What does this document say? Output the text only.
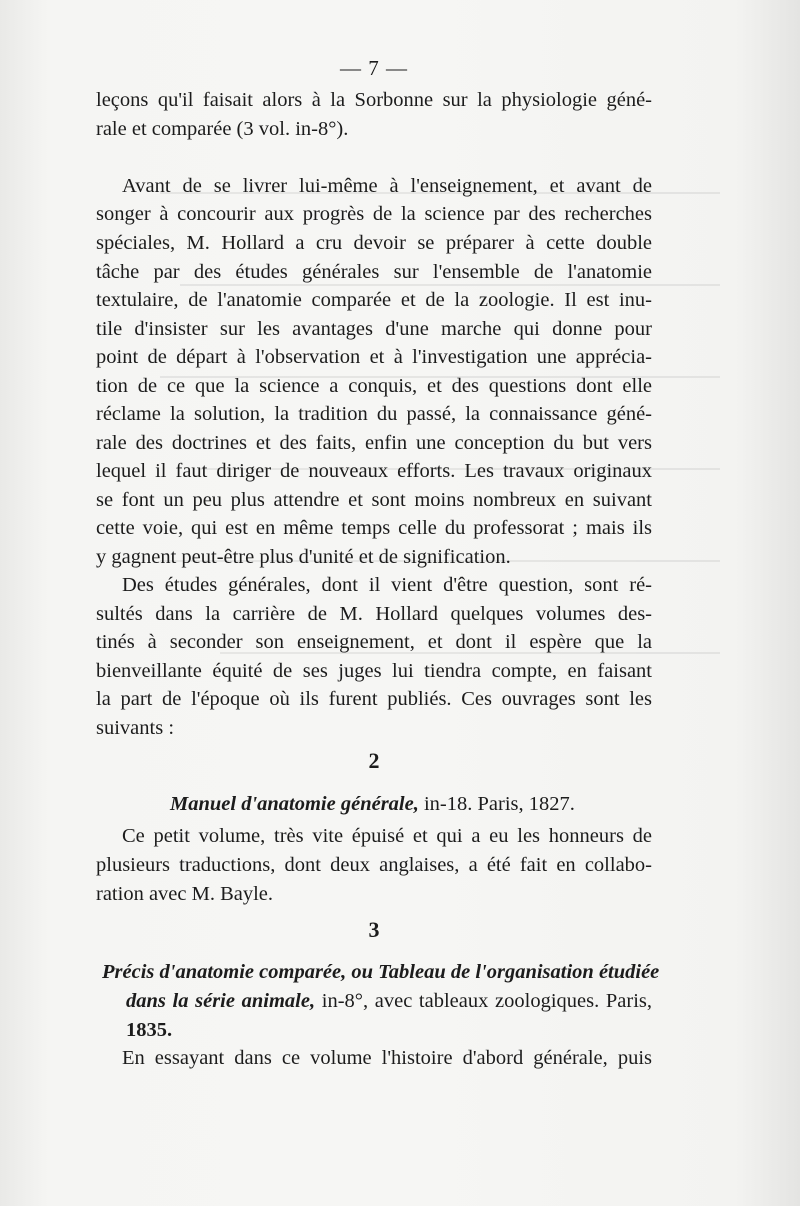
— 7 —
leçons qu'il faisait alors à la Sorbonne sur la physiologie géné-
rale et comparée (3 vol. in-8°).
Avant de se livrer lui-même à l'enseignement, et avant de
songer à concourir aux progrès de la science par des recherches
spéciales, M. Hollard a cru devoir se préparer à cette double
tâche par des études générales sur l'ensemble de l'anatomie
textulaire, de l'anatomie comparée et de la zoologie. Il est inu-
tile d'insister sur les avantages d'une marche qui donne pour
point de départ à l'observation et à l'investigation une apprécia-
tion de ce que la science a conquis, et des questions dont elle
réclame la solution, la tradition du passé, la connaissance géné-
rale des doctrines et des faits, enfin une conception du but vers
lequel il faut diriger de nouveaux efforts. Les travaux originaux
se font un peu plus attendre et sont moins nombreux en suivant
cette voie, qui est en même temps celle du professorat ; mais ils
y gagnent peut-être plus d'unité et de signification.
Des études générales, dont il vient d'être question, sont ré-
sultés dans la carrière de M. Hollard quelques volumes des-
tinés à seconder son enseignement, et dont il espère que la
bienveillante équité de ses juges lui tiendra compte, en faisant
la part de l'époque où ils furent publiés. Ces ouvrages sont les
suivants :
2
Manuel d'anatomie générale, in-18. Paris, 1827.
Ce petit volume, très vite épuisé et qui a eu les honneurs de
plusieurs traductions, dont deux anglaises, a été fait en collabo-
ration avec M. Bayle.
3
Précis d'anatomie comparée, ou Tableau de l'organisation étudiée
dans la série animale, in-8°, avec tableaux zoologiques. Paris,
1835.
En essayant dans ce volume l'histoire d'abord générale, puis
